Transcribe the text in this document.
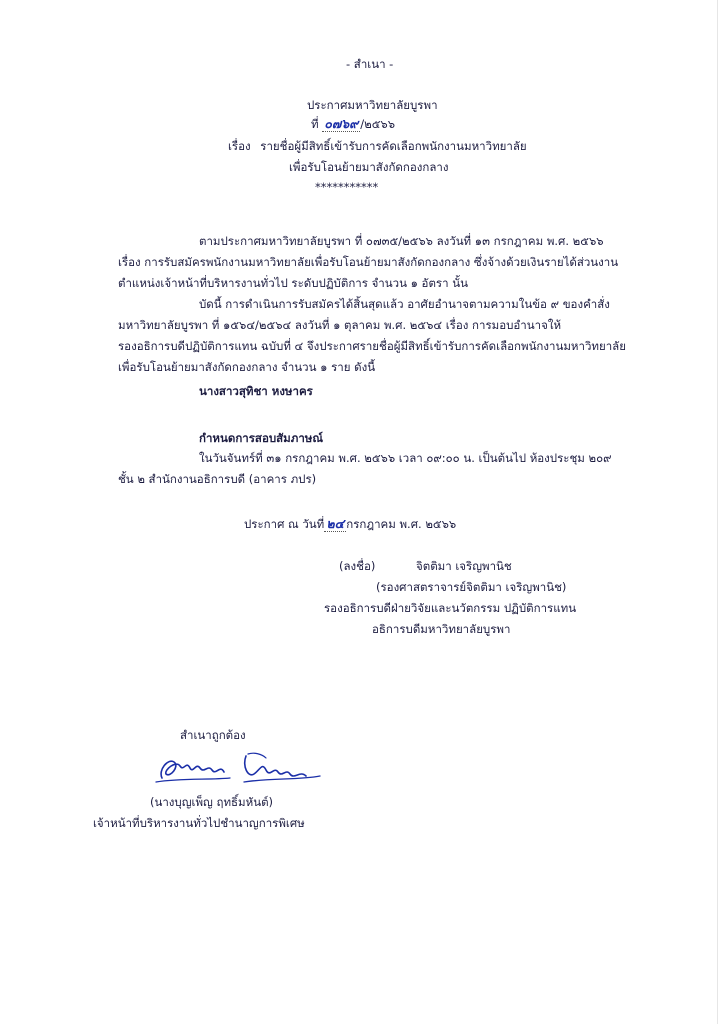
- สำเนา -
ประกาศมหาวิทยาลัยบูรพา
ที่ ๐๗๖๙ /๒๕๖๖
เรื่อง รายชื่อผู้มีสิทธิ์เข้ารับการคัดเลือกพนักงานมหาวิทยาลัย
เพื่อรับโอนย้ายมาสังกัดกองกลาง
***********
ตามประกาศมหาวิทยาลัยบูรพา ที่ ๐๗๓๕/๒๕๖๖ ลงวันที่ ๑๓ กรกฎาคม พ.ศ. ๒๕๖๖
เรื่อง การรับสมัครพนักงานมหาวิทยาลัยเพื่อรับโอนย้ายมาสังกัดกองกลาง ซึ่งจ้างด้วยเงินรายได้ส่วนงาน
ตำแหน่งเจ้าหน้าที่บริหารงานทั่วไป ระดับปฏิบัติการ จำนวน ๑ อัตรา นั้น
บัดนี้ การดำเนินการรับสมัครได้สิ้นสุดแล้ว อาศัยอำนาจตามความในข้อ ๙ ของคำสั่ง
มหาวิทยาลัยบูรพา ที่ ๑๕๖๔/๒๕๖๔ ลงวันที่ ๑ ตุลาคม พ.ศ. ๒๕๖๔ เรื่อง การมอบอำนาจให้
รองอธิการบดีปฏิบัติการแทน ฉบับที่ ๔ จึงประกาศรายชื่อผู้มีสิทธิ์เข้ารับการคัดเลือกพนักงานมหาวิทยาลัย
เพื่อรับโอนย้ายมาสังกัดกองกลาง จำนวน ๑ ราย ดังนี้
นางสาวสุทิชา หงษาคร
กำหนดการสอบสัมภาษณ์
ในวันจันทร์ที่ ๓๑ กรกฎาคม พ.ศ. ๒๕๖๖ เวลา ๐๙:๐๐ น. เป็นต้นไป ห้องประชุม ๒๐๙
ชั้น ๒ สำนักงานอธิการบดี (อาคาร ภปร)
ประกาศ ณ วันที่ ๒๔ กรกฎาคม พ.ศ. ๒๕๖๖
(ลงชื่อ)	จิตติมา เจริญพานิช
(รองศาสตราจารย์จิตติมา เจริญพานิช)
รองอธิการบดีฝ่ายวิจัยและนวัตกรรม ปฏิบัติการแทน
อธิการบดีมหาวิทยาลัยบูรพา
สำเนาถูกต้อง
(นางบุญเพ็ญ ฤทธิ์มหันต์)
เจ้าหน้าที่บริหารงานทั่วไปชำนาญการพิเศษ
